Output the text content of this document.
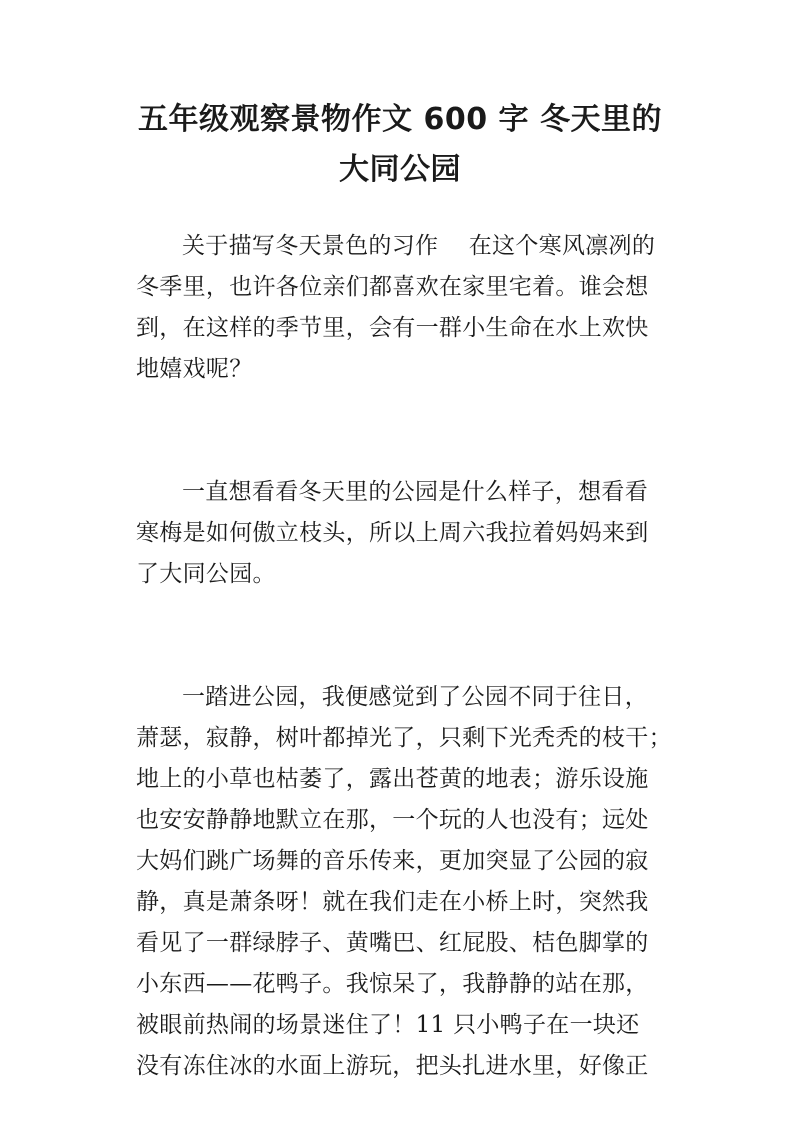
五年级观察景物作文 600 字 冬天里的
大同公园
关于描写冬天景色的习作    在这个寒风凛冽的
冬季里，也许各位亲们都喜欢在家里宅着。谁会想
到，在这样的季节里，会有一群小生命在水上欢快
地嬉戏呢？
一直想看看冬天里的公园是什么样子，想看看
寒梅是如何傲立枝头，所以上周六我拉着妈妈来到
了大同公园。
一踏进公园，我便感觉到了公园不同于往日，
萧瑟，寂静，树叶都掉光了，只剩下光秃秃的枝干；
地上的小草也枯萎了，露出苍黄的地表；游乐设施
也安安静静地默立在那，一个玩的人也没有；远处
大妈们跳广场舞的音乐传来，更加突显了公园的寂
静，真是萧条呀！就在我们走在小桥上时，突然我
看见了一群绿脖子、黄嘴巴、红屁股、桔色脚掌的
小东西——花鸭子。我惊呆了，我静静的站在那，
被眼前热闹的场景迷住了！11 只小鸭子在一块还
没有冻住冰的水面上游玩，把头扎进水里，好像正
